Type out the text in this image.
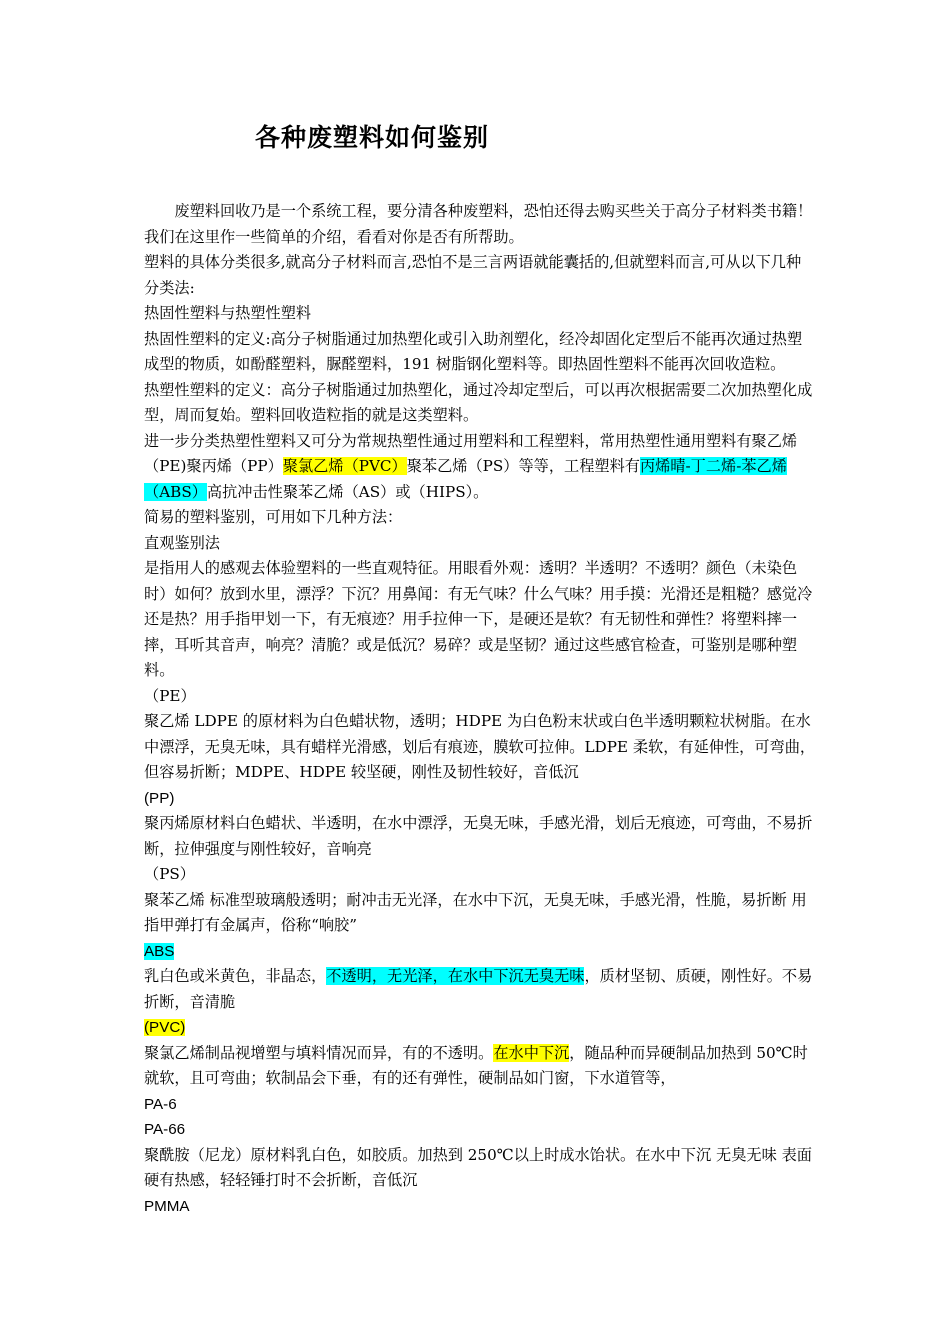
各种废塑料如何鉴别

废塑料回收乃是一个系统工程，要分清各种废塑料，恐怕还得去购买些关于高分子材料类书籍！我们在这里作一些简单的介绍，看看对你是否有所帮助。

塑料的具体分类很多,就高分子材料而言,恐怕不是三言两语就能囊括的,但就塑料而言,可从以下几种分类法:

热固性塑料与热塑性塑料

热固性塑料的定义:高分子树脂通过加热塑化或引入助剂塑化，经冷却固化定型后不能再次通过热塑成型的物质，如酚醛塑料，脲醛塑料，191 树脂钢化塑料等。即热固性塑料不能再次回收造粒。

热塑性塑料的定义：高分子树脂通过加热塑化，通过冷却定型后，可以再次根据需要二次加热塑化成型，周而复始。塑料回收造粒指的就是这类塑料。

进一步分类热塑性塑料又可分为常规热塑性通过用塑料和工程塑料，常用热塑性通用塑料有聚乙烯（PE)聚丙烯（PP）聚氯乙烯（PVC）聚苯乙烯（PS）等等，工程塑料有丙烯晴-丁二烯-苯乙烯（ABS）高抗冲击性聚苯乙烯（AS）或（HIPS）。

简易的塑料鉴别，可用如下几种方法：

直观鉴别法

是指用人的感观去体验塑料的一些直观特征。用眼看外观：透明？半透明？不透明？颜色（未染色时）如何？放到水里，漂浮？下沉？用鼻闻：有无气味？什么气味？用手摸：光滑还是粗糙？感觉冷还是热？用手指甲划一下，有无痕迹？用手拉伸一下，是硬还是软？有无韧性和弹性？将塑料摔一摔，耳听其音声，响亮？清脆？或是低沉？易碎？或是坚韧？通过这些感官检查，可鉴别是哪种塑料。

（PE）

聚乙烯 LDPE 的原材料为白色蜡状物，透明；HDPE 为白色粉末状或白色半透明颗粒状树脂。在水中漂浮，无臭无味，具有蜡样光滑感，划后有痕迹，膜软可拉伸。LDPE 柔软，有延伸性，可弯曲，但容易折断；MDPE、HDPE 较坚硬，刚性及韧性较好，音低沉

(PP)

聚丙烯原材料白色蜡状、半透明，在水中漂浮，无臭无味，手感光滑，划后无痕迹，可弯曲，不易折断，拉伸强度与刚性较好，音响亮

（PS）

聚苯乙烯 标准型玻璃般透明；耐冲击无光泽，在水中下沉，无臭无味，手感光滑，性脆，易折断 用指甲弹打有金属声，俗称“响胶”

ABS

乳白色或米黄色，非晶态，不透明，无光泽，在水中下沉无臭无味，质材坚韧、质硬，刚性好。不易折断，音清脆

(PVC)

聚氯乙烯制品视增塑与填料情况而异，有的不透明。在水中下沉，随品种而异硬制品加热到 50℃时就软，且可弯曲；软制品会下垂，有的还有弹性，硬制品如门窗，下水道管等，

PA-6

PA-66

聚酰胺（尼龙）原材料乳白色，如胶质。加热到 250℃以上时成水饴状。在水中下沉 无臭无味 表面硬有热感，轻轻锤打时不会折断，音低沉

PMMA
